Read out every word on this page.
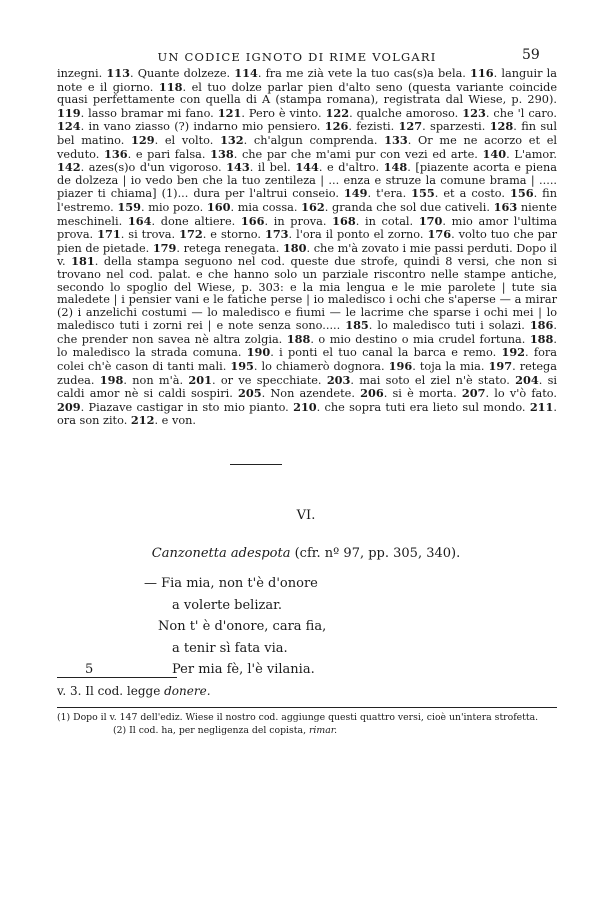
UN CODICE IGNOTO DI RIME VOLGARI	59
inzegni. 113. Quante dolzeze. 114. fra me zià vete la tuo cas(s)a bela. 116. languir la note e il giorno. 118. el tuo dolze parlar pien d'alto seno (questa variante coincide quasi perfettamente con quella di A (stampa romana), registrata dal Wiese, p. 290). 119. lasso bramar mi fano. 121. Pero è vinto. 122. qualche amoroso. 123. che 'l caro. 124. in vano ziasso (?) indarno mio pensiero. 126. fezisti. 127. sparzesti. 128. fin sul bel matino. 129. el volto. 132. ch'algun comprenda. 133. Or me ne acorzo et el veduto. 136. e pari falsa. 138. che par che m'ami pur con vezi ed arte. 140. L'amor. 142. azes(s)o d'un vigoroso. 143. il bel. 144. e d'altro. 148. [piazente acorta e piena de dolzeza | io vedo ben che la tuo zentileza | ... enza e struze la comune brama | ..... piazer ti chiama] (1)... dura per l'altrui conseio. 149. t'era. 155. et a costo. 156. fin l'estremo. 159. mio pozo. 160. mia cossa. 162. granda che sol due cativeli. 163 niente meschineli. 164. done altiere. 166. in prova. 168. in cotal. 170. mio amor l'ultima prova. 171. si trova. 172. e storno. 173. l'ora il ponto el zorno. 176. volto tuo che par pien de pietade. 179. retega renegata. 180. che m'à zovato i mie passi perduti. Dopo il v. 181. della stampa seguono nel cod. queste due strofe, quindi 8 versi, che non si trovano nel cod. palat. e che hanno solo un parziale riscontro nelle stampe antiche, secondo lo spoglio del Wiese, p. 303: e la mia lengua e le mie parolete | tute sia maledete | i pensier vani e le fatiche perse | io maledisco i ochi che s'aperse — a mirar (2) i anzelichi costumi — lo maledisco e fiumi — le lacrime che sparse i ochi mei | lo maledisco tuti i zorni rei | e note senza sono..... 185. lo maledisco tuti i solazi. 186. che prender non savea nè altra zolgia. 188. o mio destino o mia crudel fortuna. 188. lo maledisco la strada comuna. 190. i ponti el tuo canal la barca e remo. 192. fora colei ch'è cason di tanti mali. 195. lo chiamerò dognora. 196. toja la mia. 197. retega zudea. 198. non m'à. 201. or ve specchiate. 203. mai soto el ziel n'è stato. 204. si caldi amor nè si caldi sospiri. 205. Non azendete. 206. si è morta. 207. lo v'ò fato. 209. Piazave castigar in sto mio pianto. 210. che sopra tuti era lieto sul mondo. 211. ora son zito. 212. e von.
VI.
Canzonetta adespota (cfr. nº 97, pp. 305, 340).
— Fia mia, non t'è d'onore
a volerte belizar.
Non t' è d'onore, cara fia,
a tenir sì fata via.
Per mia fè, l'è vilania.
5
v. 3. Il cod. legge donere.
(1) Dopo il v. 147 dell'ediz. Wiese il nostro cod. aggiunge questi quattro versi, cioè un'intera strofetta.
(2) Il cod. ha, per negligenza del copista, rimar.
